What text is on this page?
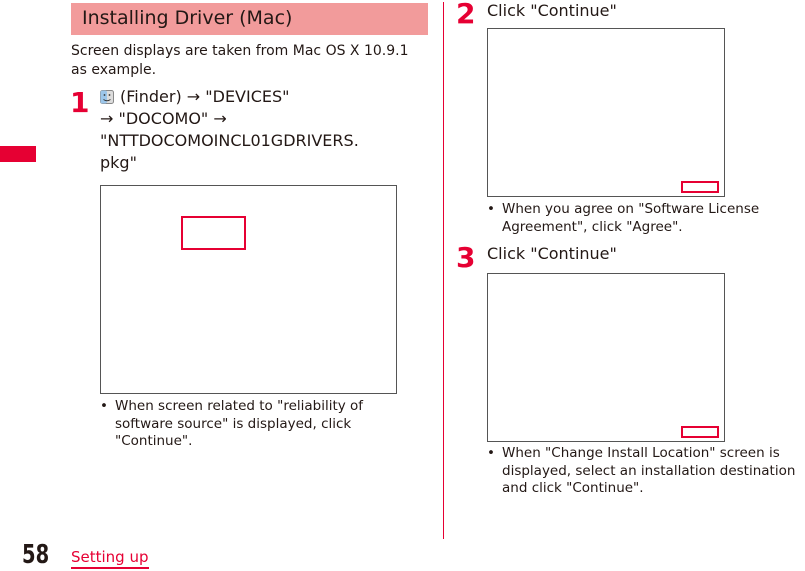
Installing Driver (Mac)
Screen displays are taken from Mac OS X 10.9.1 as example.
1	(Finder) → "DEVICES"
→ "DOCOMO" →
"NTTDOCOMOINCL01GDRIVERS.
pkg"
• When screen related to "reliability of
software source" is displayed, click
"Continue".
2 Click "Continue"
• When you agree on "Software License
Agreement", click "Agree".
3 Click "Continue"
• When "Change Install Location" screen is
displayed, select an installation destination
and click "Continue".
58 Setting up
